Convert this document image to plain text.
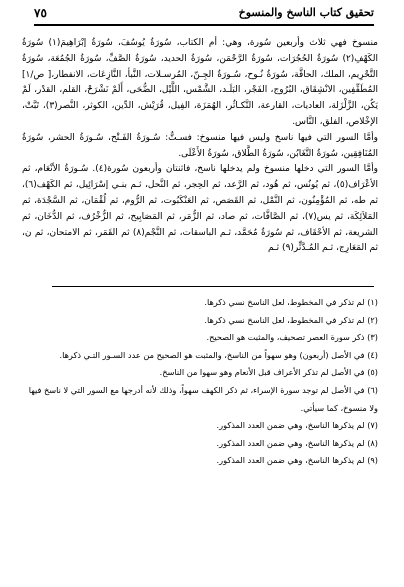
تحقيق كتاب الناسخ والمنسوخ
٧٥

منسوخ فهي ثلاث وأربعين سُورة، وهي: أم الكتاب، سُورَةُ يُوسُفَ، سُورَةُ إبْرَاهِيمَ(١) سُورَةُ الكَهْفِ(٢) سُورَةُ الحُجُرَات، سُورَةُ الرَّحْمَن، سُورَةُ الحديد، سُورَةُ الصَّفِّ، سُورَةُ الجُمُعَة، سُورَةُ التَّحْرِيم، الملك، الحاقَّة، سُورَةُ نُـوح، سُـورَةُ الجِـنّ، المُرسـلات، النَّبأ، النَّازِعَات، الانفطار،[ ص/١] المُطَفِّفِين، الانْشِقَاق، البُرُوج، الفَجْر، البَلَـد، الشَّمْس، اللَّيْل، الضُّحَى، أَلَمْ نَشْرَحْ، القلم، القدْر، لَمْ يَكُن، الزَّلْزَلة، العاديات، القارعة، التَّكـاثُر، الهُمَزَة، الفِيل، قُرَيْش، الدِّين، الكوثر، النَّصر(٣)، تَبَّتْ، الإخْلاص، الفلق، النَّاس.

وأمَّا السور التي فيها ناسخ وليس فيها منسوخ: فسـتٌّ: سُـورَةُ الفَـتْح، سُـورَةُ الحشر، سُورَةُ المُنَافِقِين، سُورَةُ التَّغَابُن، سُورَةُ الطَّلاق، سُورَةُ الأَعْلَى.

وأمَّا السور التي دخلها منسوخ ولم يدخلها ناسخ، فاثنتان وأربعون سُورة(٤). سُـورَةُ الأنْعَام، ثم الأعْرَاف(٥)، ثم يُونُس، ثم هُود، ثم الرَّعد، ثم الحِجر، ثم النَّحل، ثـم بنـي إسْرَائِيل، ثم الكَهْف(٦)، ثم طه، ثم المُؤْمِنُون، ثم النَّمْل، ثم القَصَص، ثم العَنْكَبُوت، ثم الرُّوم، ثم لُقْمَان، ثم السَّجْدَة، ثم المَلاَئِكَة، ثم يس(٧)، ثم الصَّافَّات، ثم صاد، ثم الزُّمَر، ثم المَصَابِيح، ثم الزُّخْرُف، ثم الدُّخَان، ثم الشريعة، ثم الأحْقَاف، ثم سُورَةُ مُحَمَّد، ثـم الباسقات، ثم النَّجْم(٨) ثم القَمَر، ثم الامتحان، ثم ن، ثم المَعَارِج، ثـم المُـدَّثِّر(٩) ثـم

(١) لم تذكر في المخطوط، لعل الناسخ نسي ذكرها.
(٢) لم تذكر في المخطوط، لعل الناسخ نسي ذكرها.
(٣) ذكر سورة العصر تصحيف، والمثبت هو الصحيح.
(٤) في الأصل (أربعون) وهو سهواً من الناسخ، والمثبت هو الصحيح من عدد السـور التـي ذكرها.
(٥) في الأصل لم تذكر الأعراف قبل الأنعام وهو سهوا من الناسخ.
(٦) في الأصل لم توجد سورة الإسراء، ثم ذكر الكهف سهواً، وذلك لأنه أدرجها مع السور التي لا ناسخ فيها ولا منسوخ، كما سيأتي.
(٧) لم يذكرها الناسخ، وهي ضمن العدد المذكور.
(٨) لم يذكرها الناسخ، وهي ضمن العدد المذكور.
(٩) لم يذكرها الناسخ، وهي ضمن العدد المذكور.
